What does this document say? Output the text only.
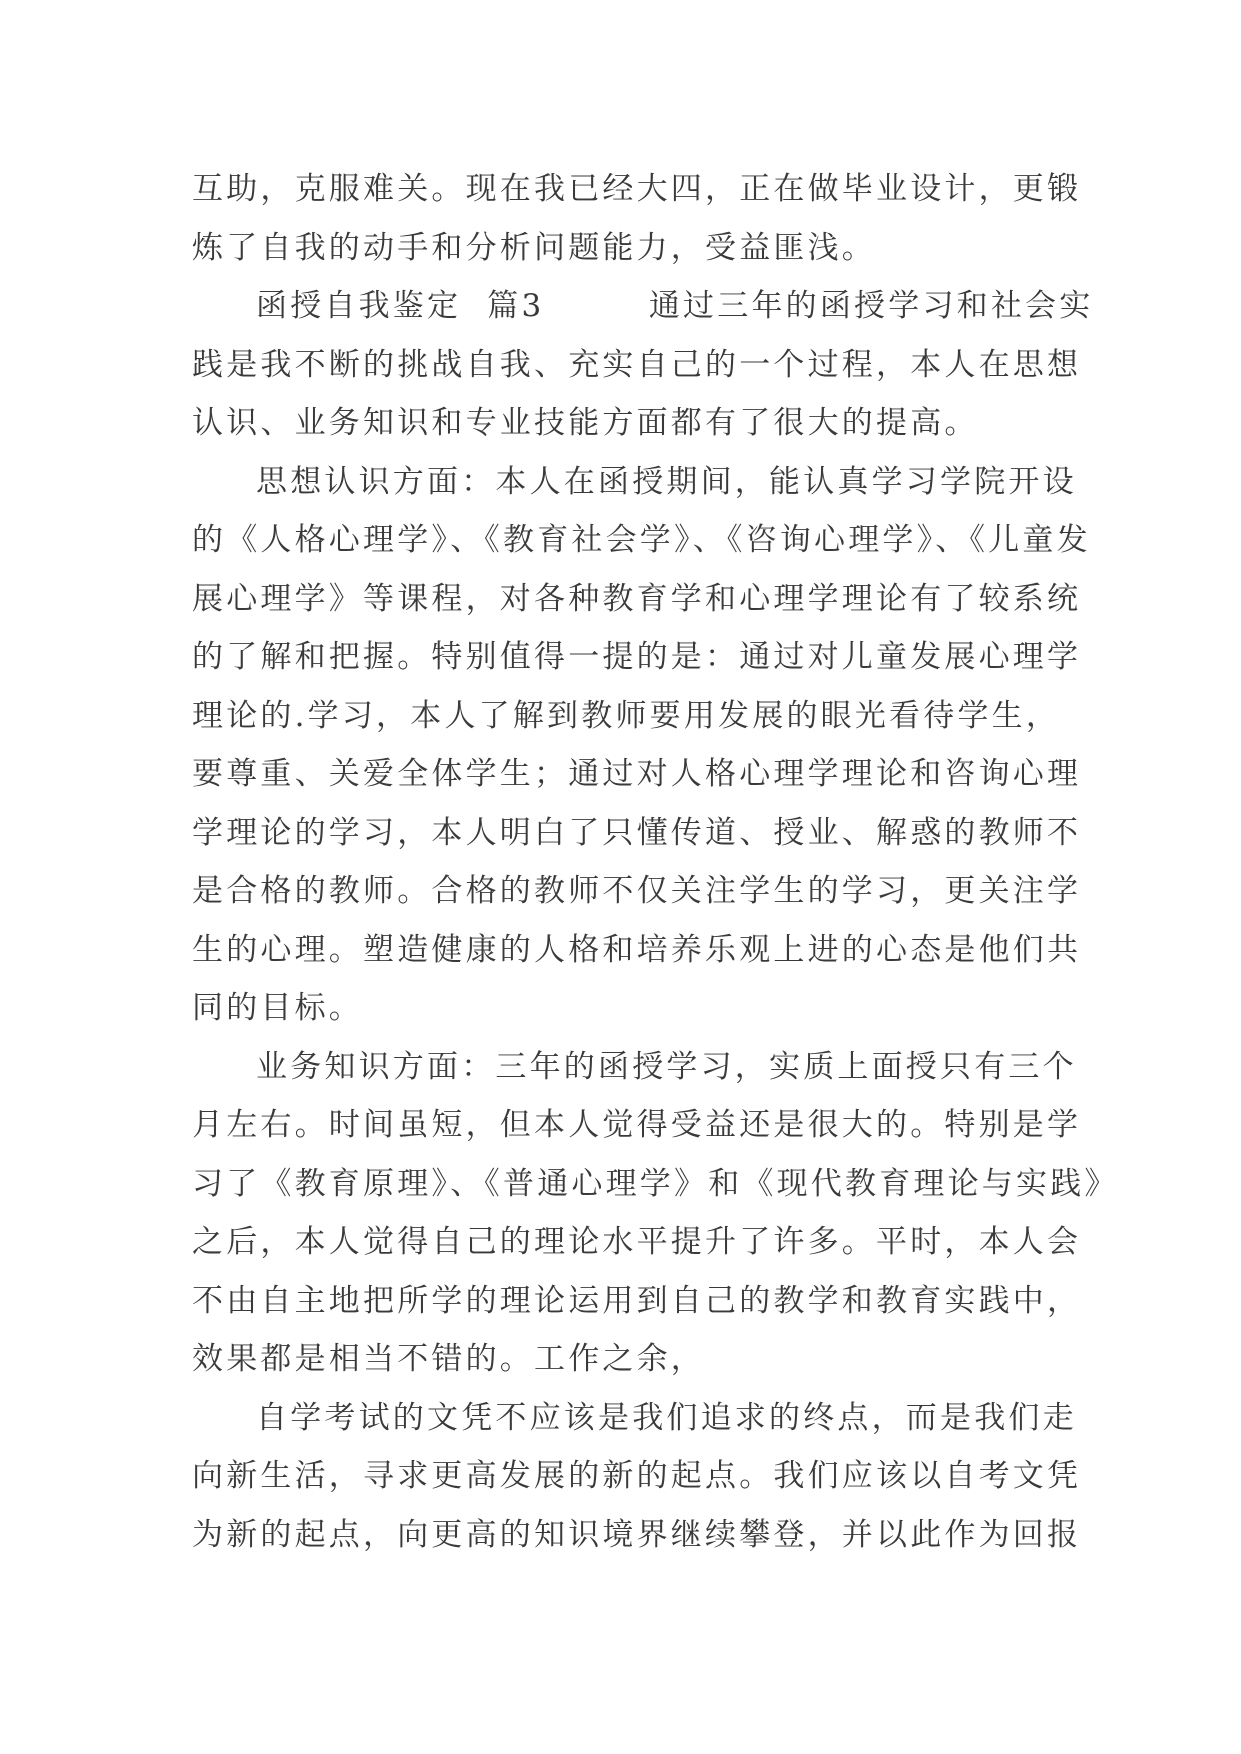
互助，克服难关。现在我已经大四，正在做毕业设计，更锻
炼了自我的动手和分析问题能力，受益匪浅。
函授自我鉴定  篇3        通过三年的函授学习和社会实
践是我不断的挑战自我、充实自己的一个过程，本人在思想
认识、业务知识和专业技能方面都有了很大的提高。
思想认识方面：本人在函授期间，能认真学习学院开设
的《人格心理学》、《教育社会学》、《咨询心理学》、《儿童发
展心理学》等课程，对各种教育学和心理学理论有了较系统
的了解和把握。特别值得一提的是：通过对儿童发展心理学
理论的.学习，本人了解到教师要用发展的眼光看待学生，
要尊重、关爱全体学生；通过对人格心理学理论和咨询心理
学理论的学习，本人明白了只懂传道、授业、解惑的教师不
是合格的教师。合格的教师不仅关注学生的学习，更关注学
生的心理。塑造健康的人格和培养乐观上进的心态是他们共
同的目标。
业务知识方面：三年的函授学习，实质上面授只有三个
月左右。时间虽短，但本人觉得受益还是很大的。特别是学
习了《教育原理》、《普通心理学》和《现代教育理论与实践》
之后，本人觉得自己的理论水平提升了许多。平时，本人会
不由自主地把所学的理论运用到自己的教学和教育实践中，
效果都是相当不错的。工作之余，
自学考试的文凭不应该是我们追求的终点，而是我们走
向新生活，寻求更高发展的新的起点。我们应该以自考文凭
为新的起点，向更高的知识境界继续攀登，并以此作为回报
